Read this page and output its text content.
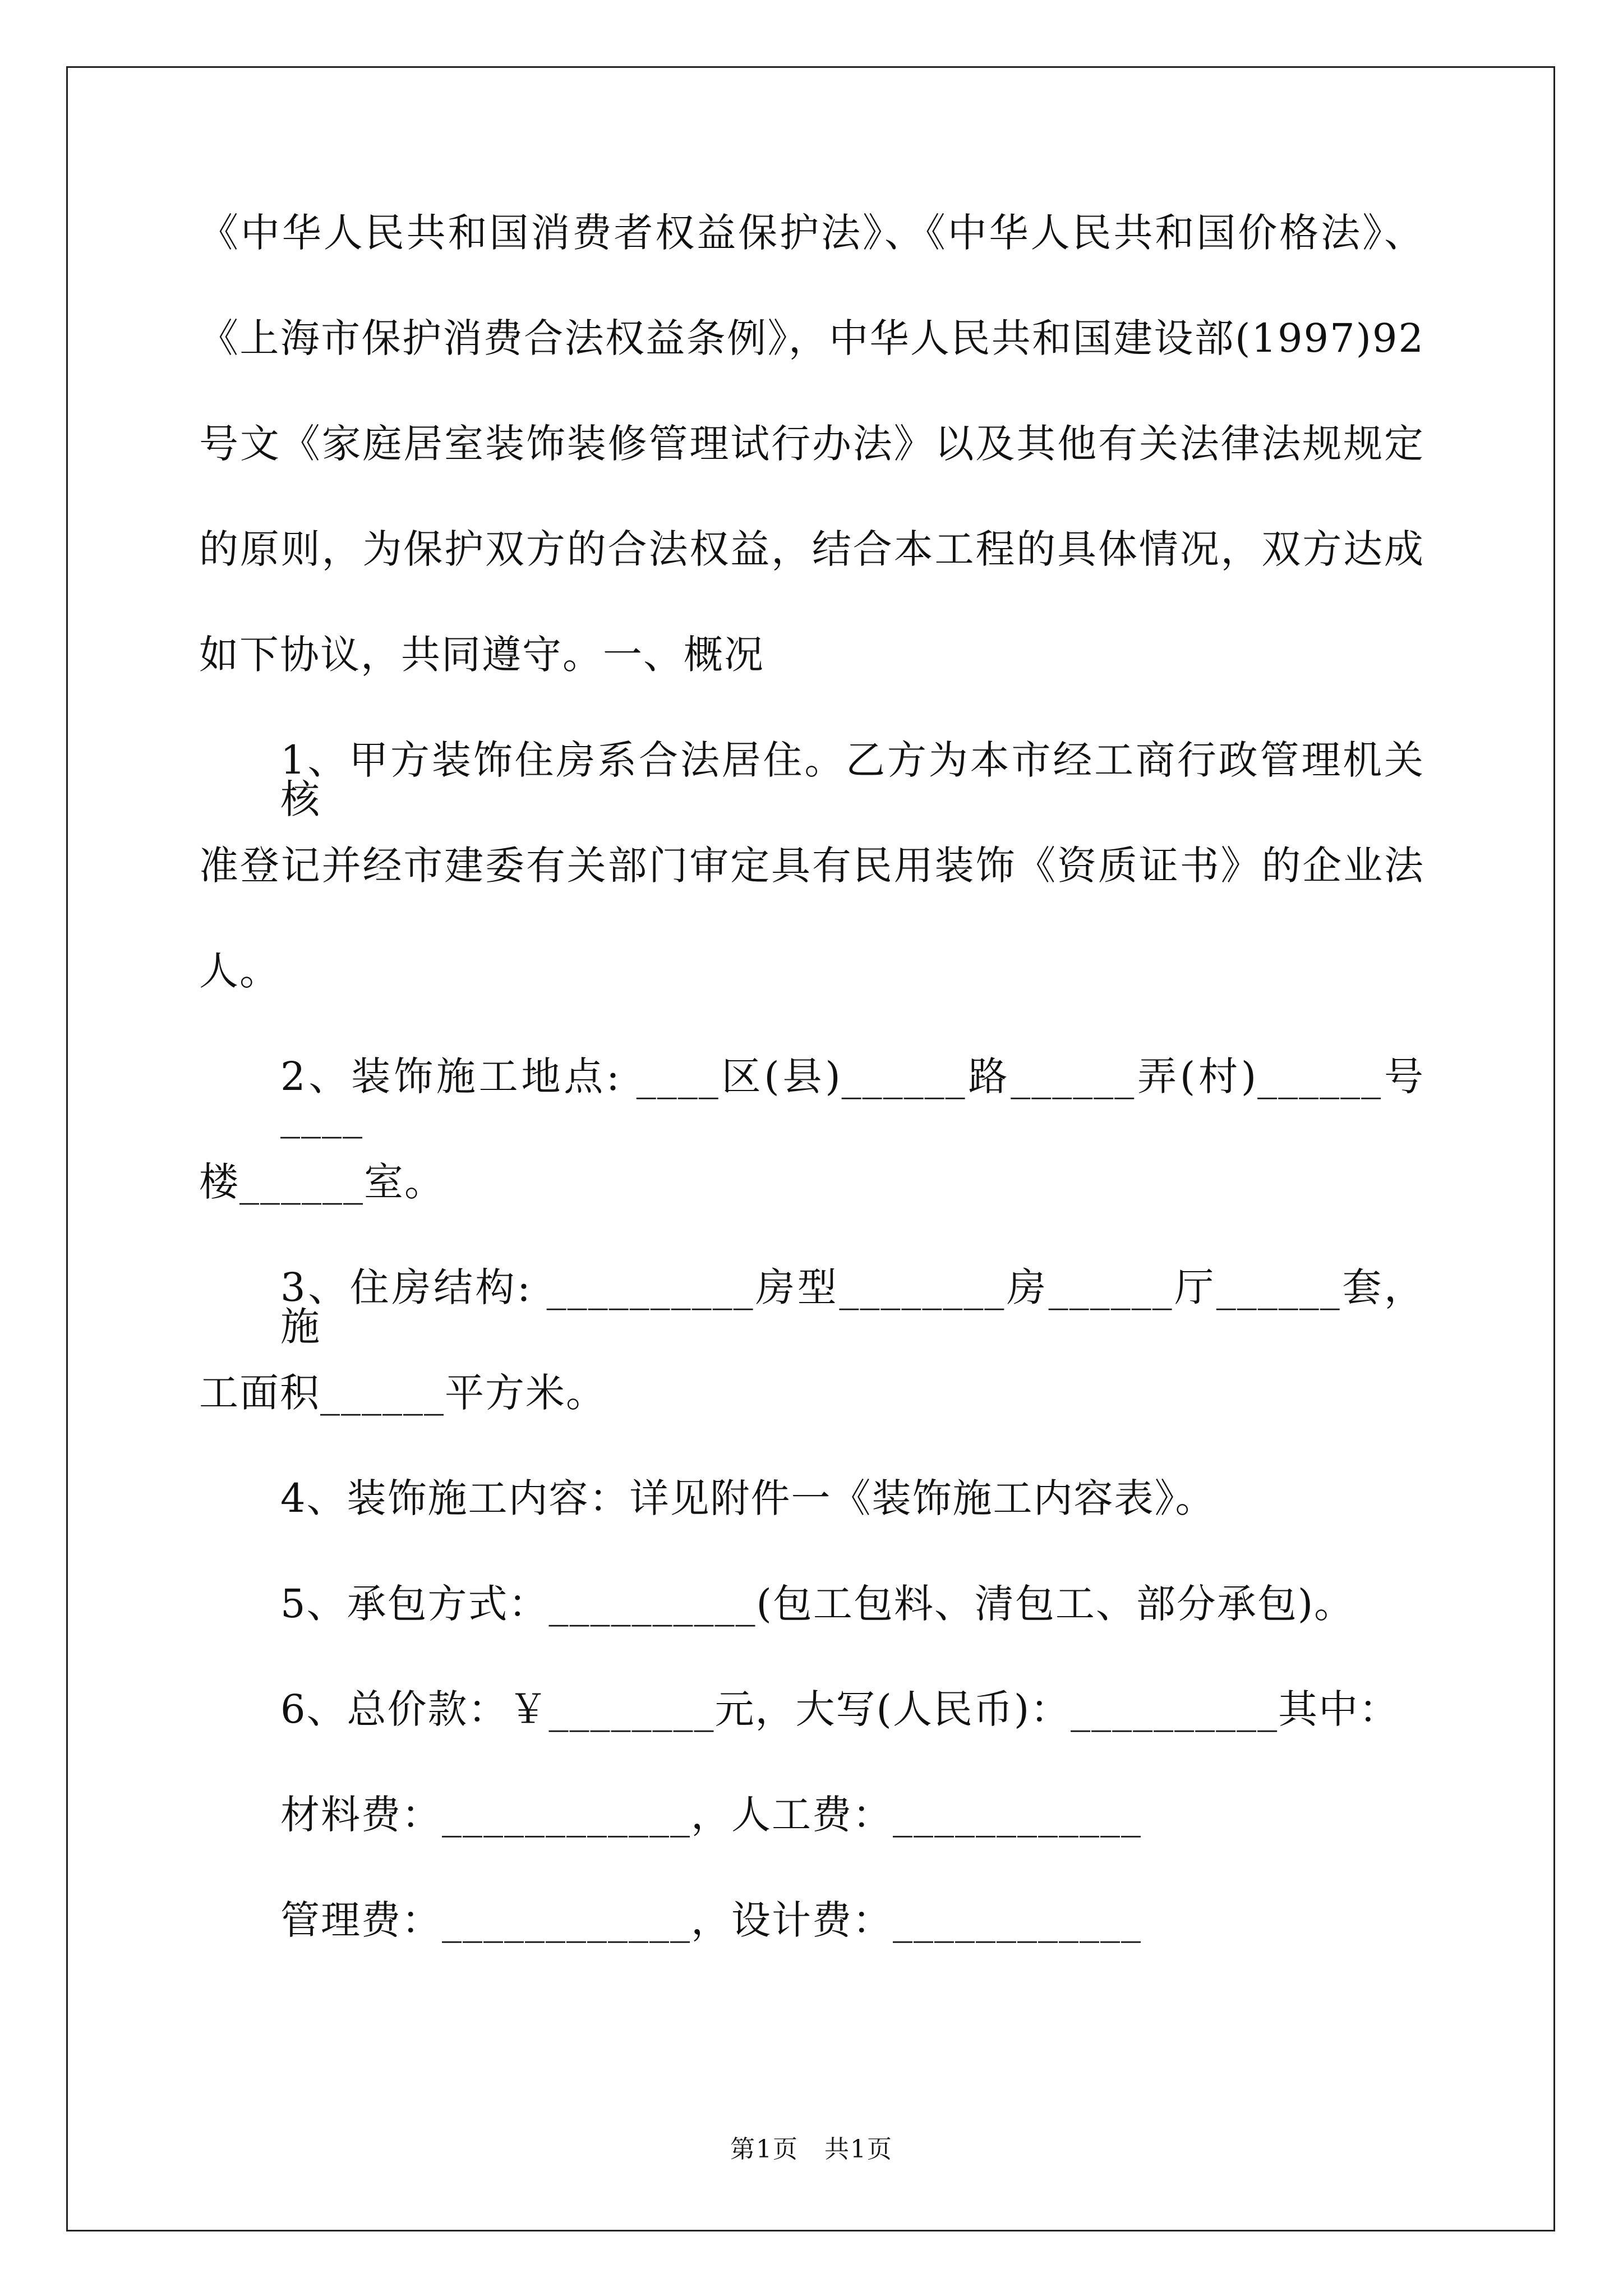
《中华人民共和国消费者权益保护法》、《中华人民共和国价格法》、
《上海市保护消费合法权益条例》，中华人民共和国建设部(1997)92
号文《家庭居室装饰装修管理试行办法》以及其他有关法律法规规定
的原则，为保护双方的合法权益，结合本工程的具体情况，双方达成
如下协议，共同遵守。一、概况
1、甲方装饰住房系合法居住。乙方为本市经工商行政管理机关核
准登记并经市建委有关部门审定具有民用装饰《资质证书》的企业法
人。
2、装饰施工地点: ____区(县)______路______弄(村)______号____
楼______室。
3、住房结构: __________房型________房______厅______套，施
工面积______平方米。
4、装饰施工内容：详见附件一《装饰施工内容表》。
5、承包方式：__________(包工包料、清包工、部分承包)。
6、总价款：￥________元，大写(人民币)：__________其中：
材料费：____________，人工费：____________
管理费：____________，设计费：____________
第1页　共1页
